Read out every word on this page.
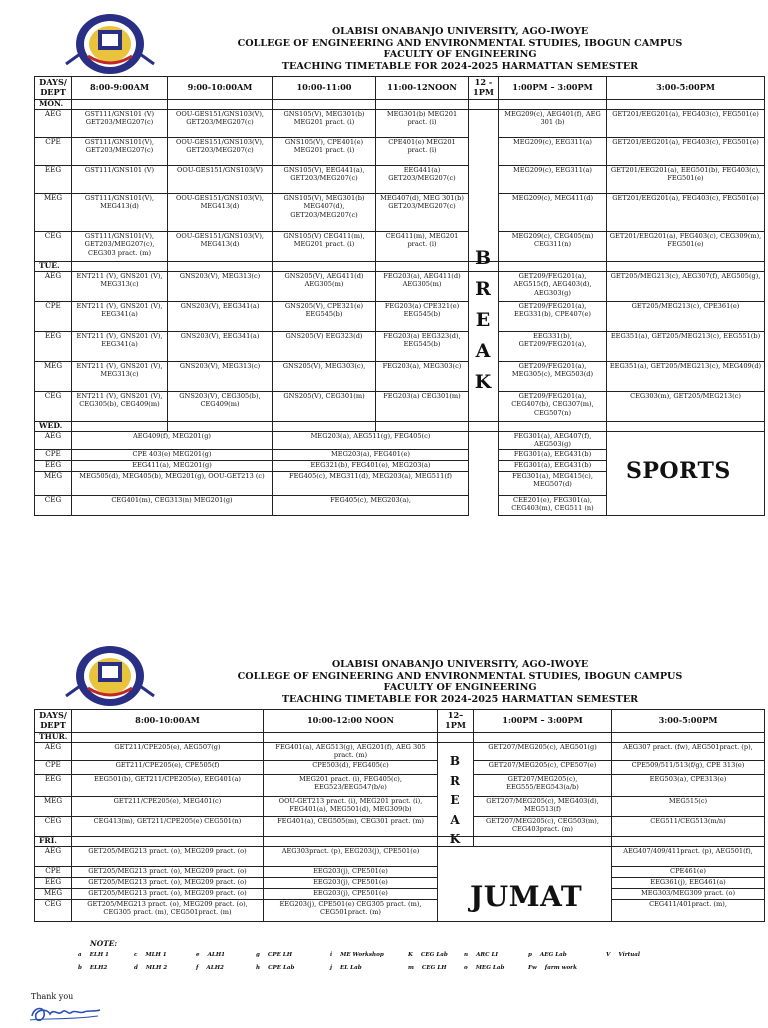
OLABISI ONABANJO UNIVERSITY, AGO-IWOYE
COLLEGE OF ENGINEERING AND ENVIRONMENTAL STUDIES, IBOGUN CAMPUS
FACULTY OF ENGINEERING
TEACHING TIMETABLE FOR 2024-2025 HARMATTAN SEMESTER
DAYS/ DEPT	8:00-9:00AM	9:00-10:00AM	10:00-11:00	11:00-12NOON	12 - 1PM	1:00PM – 3:00PM	3:00-5:00PM
MON.							
AEG	GST111/GNS101 (V) GET203/MEG207(c)	OOU-GES151/GNS103(V), GET203/MEG207(c)	GNS105(V), MEG301(b) MEG201 pract. (i)	MEG301(b) MEG201 pract. (i)		MEG209(c), AEG401(f), AEG 301 (b)	GET201/EEG201(a), FEG403(c), FEG501(e)
CPE	GST111/GNS101(V), GET203/MEG207(c)	OOU-GES151/GNS103(V), GET203/MEG207(c)	GNS105(V), CPE401(e) MEG201 pract. (i)	CPE401(e) MEG201 pract. (i)		MEG209(c), EEG311(a)	GET201/EEG201(a), FEG403(c), FEG501(e)
EEG	GST111/GNS101 (V)	OOU-GES151/GNS103(V)	GNS105(V), EEG441(a), GET203/MEG207(c)	EEG441(a) GET203/MEG207(c)		MEG209(c), EEG311(a)	GET201/EEG201(a), EEG501(b), FEG403(c), FEG501(e)
MEG	GST111/GNS101(V), MEG413(d)	OOU-GES151/GNS103(V), MEG413(d)	GNS105(V), MEG301(b) MEG407(d), GET203/MEG207(c)	MEG407(d), MEG 301(b) GET203/MEG207(c)		MEG209(c), MEG411(d)	GET201/EEG201(a), FEG403(c), FEG501(e)
CEG	GST111/GNS101(V), GET203/MEG207(c), CEG303 pract. (m)	OOU-GES151/GNS103(V), MEG413(d)	GNS105(V) CEG411(m), MEG201 pract. (i)	CEG411(m), MEG201 pract. (i)		MEG209(c), CEG405(m) CEG311(n)	GET201/EEG201(a), FEG403(c), CEG309(m), FEG501(e)
TUE.							
AEG	ENT211 (V), GNS201 (V), MEG313(c)	GNS203(V), MEG313(c)	GNS205(V), AEG411(d) AEG305(m)	FEG203(a), AEG411(d) AEG305(m)		GET209/FEG201(a), AEG515(f), AEG403(d), AEG303(g)	GET205/MEG213(c), AEG307(f), AEG505(g),
CPE	ENT211 (V), GNS201 (V), EEG341(a)	GNS203(V), EEG341(a)	GNS205(V), CPE321(e) EEG545(b)	FEG203(a) CPE321(e) EEG545(b)		GET209/FEG201(a), EEG331(b), CPE407(e)	GET205/MEG213(c), CPE361(e)
EEG	ENT211 (V), GNS201 (V), EEG341(a)	GNS203(V), EEG341(a)	GNS205(V) EEG323(d)	FEG203(a) EEG323(d), EEG545(b)		EEG331(b), GET209/FEG201(a),	EEG351(a), GET205/MEG213(c), EEG551(b)
MEG	ENT211 (V), GNS201 (V), MEG313(c)	GNS203(V), MEG313(c)	GNS205(V), MEG303(c),	FEG203(a), MEG303(c)		GET209/FEG201(a), MEG305(c), MEG503(d)	EEG351(a), GET205/MEG213(c), MEG409(d)
CEG	ENT211 (V), GNS201 (V), CEG305(b), CEG409(m)	GNS203(V), CEG305(b), CEG409(m)	GNS205(V), CEG301(m)	FEG203(a) CEG301(m)		GET209/FEG201(a), CEG407(b), CEG307(m), CEG507(n)	CEG303(m), GET205/MEG213(c)
WED.							
AEG	AEG409(f), MEG201(g)		MEG203(a), AEG511(g), FEG405(c)			FEG301(a), AEG407(f), AEG503(g)	
CPE	CPE 403(e) MEG201(g)		MEG203(a), FEG401(e)			FEG301(a), EEG431(b)	
EEG	EEG411(a), MEG201(g)		EEG321(b), FEG401(e), MEG203(a)			FEG301(a), EEG431(b)	
MEG	MEG505(d), MEG405(b), MEG201(g), OOU-GET213 (c)		FEG405(c), MEG311(d), MEG203(a), MEG511(f)			FEG301(a), MEG415(c), MEG507(d)	
CEG	CEG401(m), CEG313(n) MEG201(g)		FEG405(c), MEG203(a),			CEE201(e), FEG301(a), CEG403(m), CEG511 (n)	
B
R
E
A
K
SPORTS
OLABISI ONABANJO UNIVERSITY, AGO-IWOYE
COLLEGE OF ENGINEERING AND ENVIRONMENTAL STUDIES, IBOGUN CAMPUS
FACULTY OF ENGINEERING
TEACHING TIMETABLE FOR 2024-2025 HARMATTAN SEMESTER
DAYS/ DEPT	8:00-10:00AM	10:00-12:00 NOON	12– 1PM	1:00PM – 3:00PM	3:00-5:00PM
THUR.					
AEG	GET211/CPE205(e), AEG507(g)	FEG401(a), AEG513(g), AEG201(f), AEG 305 pract. (m)		GET207/MEG205(c), AEG501(g)	AEG307 pract. (fw), AEG501pract. (p),
CPE	GET211/CPE205(e), CPE505(f)	CPE503(d), FEG405(c)		GET207/MEG205(c), CPE507(e)	CPE509/511/513(f/g), CPE 313(e)
EEG	EEG501(b), GET211/CPE205(e), EEG401(a)	MEG201 pract. (i), FEG405(c), EEG523/EEG547(b/e)		GET207/MEG205(c), EEG555/EEG543(a/b)	EEG503(a), CPE313(e)
MEG	GET211/CPE205(e), MEG401(c)	OOU-GET213 pract. (i), MEG201 pract. (i), FEG401(a), MEG501(d), MEG309(b)		GET207/MEG205(c), MEG403(d), MEG513(f)	MEG515(c)
CEG	CEG413(m), GET211/CPE205(e) CEG501(n)	FEG401(a), CEG505(m), CEG301 pract. (m)		GET207/MEG205(c), CEG503(m), CEG403pract. (m)	CEG511/CEG513(m/n)
FRI.					
AEG	GET205/MEG213 pract. (o), MEG209 pract. (o)	AEG303pract. (p), EEG203(j), CPE501(e)			AEG407/409/411pract. (p), AEG501(f),
CPE	GET205/MEG213 pract. (o), MEG209 pract. (o)	EEG203(j), CPE501(e)			CPE461(e)
EEG	GET205/MEG213 pract. (o), MEG209 pract. (o)	EEG203(j), CPE501(e)			EEG361(j), EEG461(a)
MEG	GET205/MEG213 pract. (o), MEG209 pract. (o)	EEG203(j), CPE501(e)			MEG303/MEG309 pract. (o)
CEG	GET205/MEG213 pract. (o), MEG209 pract. (o), CEG305 pract. (m), CEG501pract. (m)	EEG203(j), CPE501(e) CEG305 pract. (m), CEG501pract. (m)			CEG411/401pract. (m),
B
R
E
A
K
JUMAT
NOTE:
a ELH 1	c MLH 1	e ALH1	g CPE LH	i ME Workshop	K CEG Lab	n ARC LI	p AEG Lab	V Virtual
b ELH2	d MLH 2	f ALH2	h CPE Lab	j EL Lab	m CEG LH	o MEG Lab	Fw farm work
Thank you
